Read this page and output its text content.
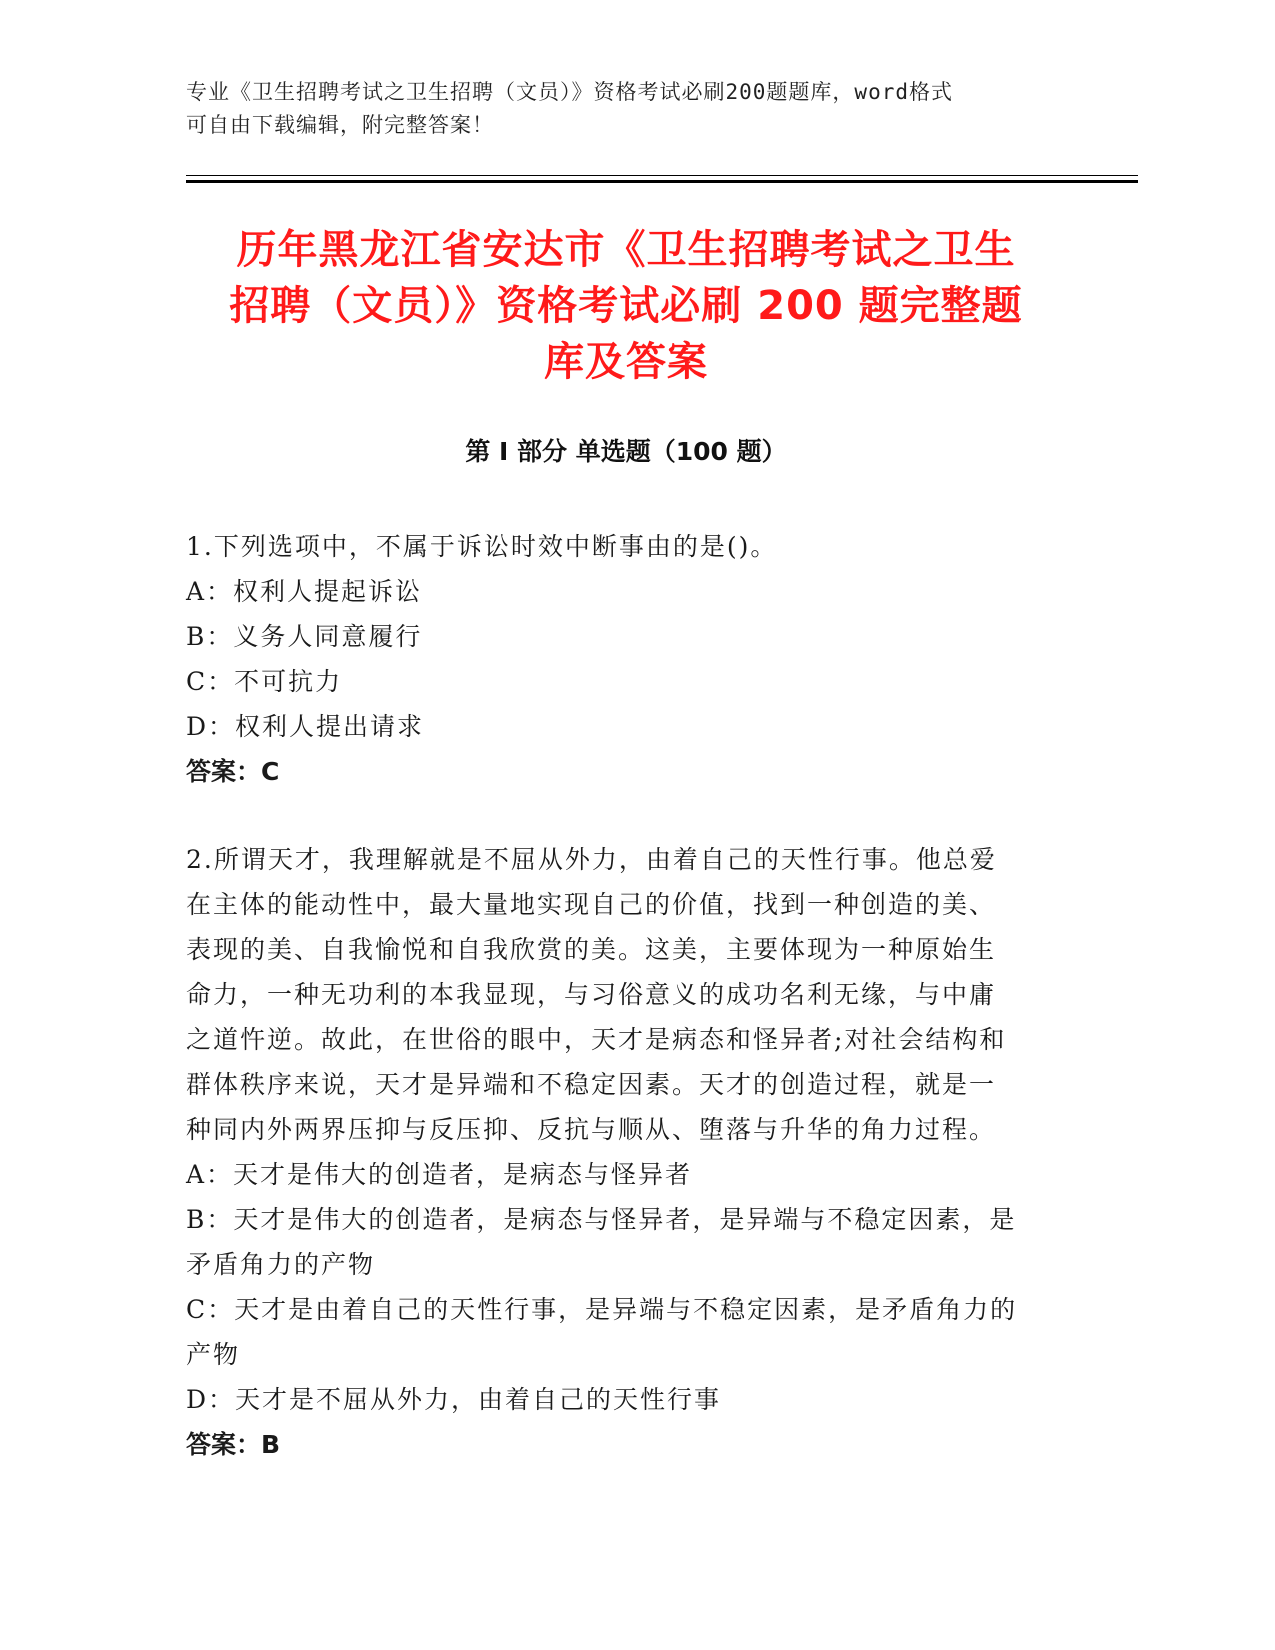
专业《卫生招聘考试之卫生招聘（文员）》资格考试必刷200题题库，word格式
可自由下载编辑，附完整答案！
历年黑龙江省安达市《卫生招聘考试之卫生
招聘（文员）》资格考试必刷 200 题完整题
库及答案
第 I 部分 单选题（100 题）
1.下列选项中，不属于诉讼时效中断事由的是()。
A：权利人提起诉讼
B：义务人同意履行
C：不可抗力
D：权利人提出请求
答案：C
2.所谓天才，我理解就是不屈从外力，由着自己的天性行事。他总爱
在主体的能动性中，最大量地实现自己的价值，找到一种创造的美、
表现的美、自我愉悦和自我欣赏的美。这美，主要体现为一种原始生
命力，一种无功利的本我显现，与习俗意义的成功名利无缘，与中庸
之道忤逆。故此，在世俗的眼中，天才是病态和怪异者;对社会结构和
群体秩序来说，天才是异端和不稳定因素。天才的创造过程，就是一
种同内外两界压抑与反压抑、反抗与顺从、堕落与升华的角力过程。
A：天才是伟大的创造者，是病态与怪异者
B：天才是伟大的创造者，是病态与怪异者，是异端与不稳定因素，是
矛盾角力的产物
C：天才是由着自己的天性行事，是异端与不稳定因素，是矛盾角力的
产物
D：天才是不屈从外力，由着自己的天性行事
答案：B
